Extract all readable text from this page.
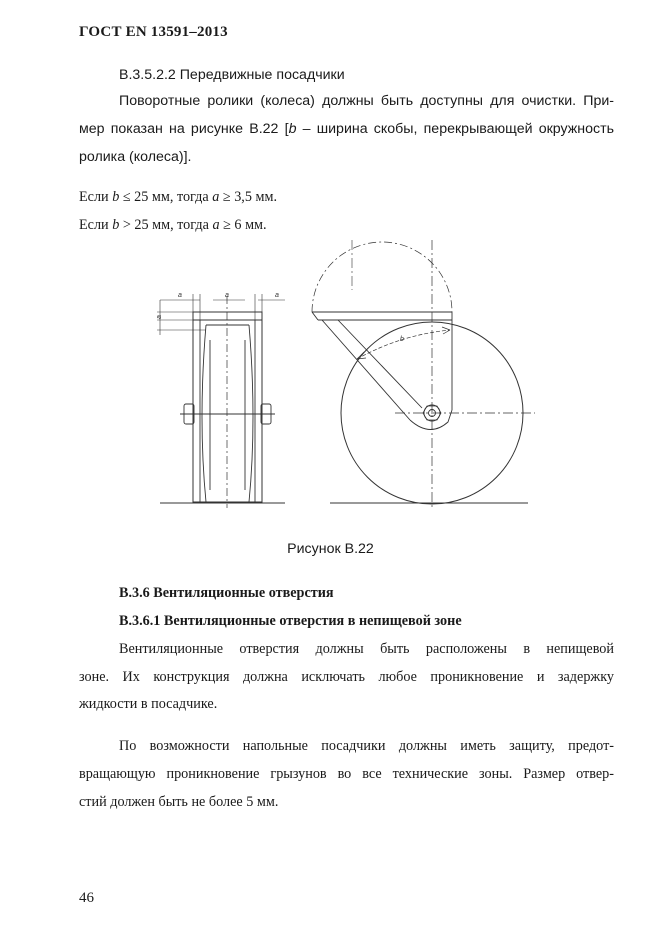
ГОСТ EN 13591–2013
В.3.5.2.2 Передвижные посадчики
Поворотные ролики (колеса) должны быть доступны для очистки. При-
мер показан на рисунке В.22 [b – ширина скобы, перекрывающей окружность
ролика (колеса)].
Если b ≤ 25 мм, тогда a ≥ 3,5 мм.
Если b > 25 мм, тогда a ≥ 6 мм.
a	a	a
a
b
Рисунок В.22
В.3.6 Вентиляционные отверстия
В.3.6.1 Вентиляционные отверстия в непищевой зоне
Вентиляционные отверстия должны быть расположены в непищевой
зоне. Их конструкция должна исключать любое проникновение и задержку
жидкости в посадчике.
По возможности напольные посадчики должны иметь защиту, предот-
вращающую проникновение грызунов во все технические зоны. Размер отвер-
стий должен быть не более 5 мм.
46
